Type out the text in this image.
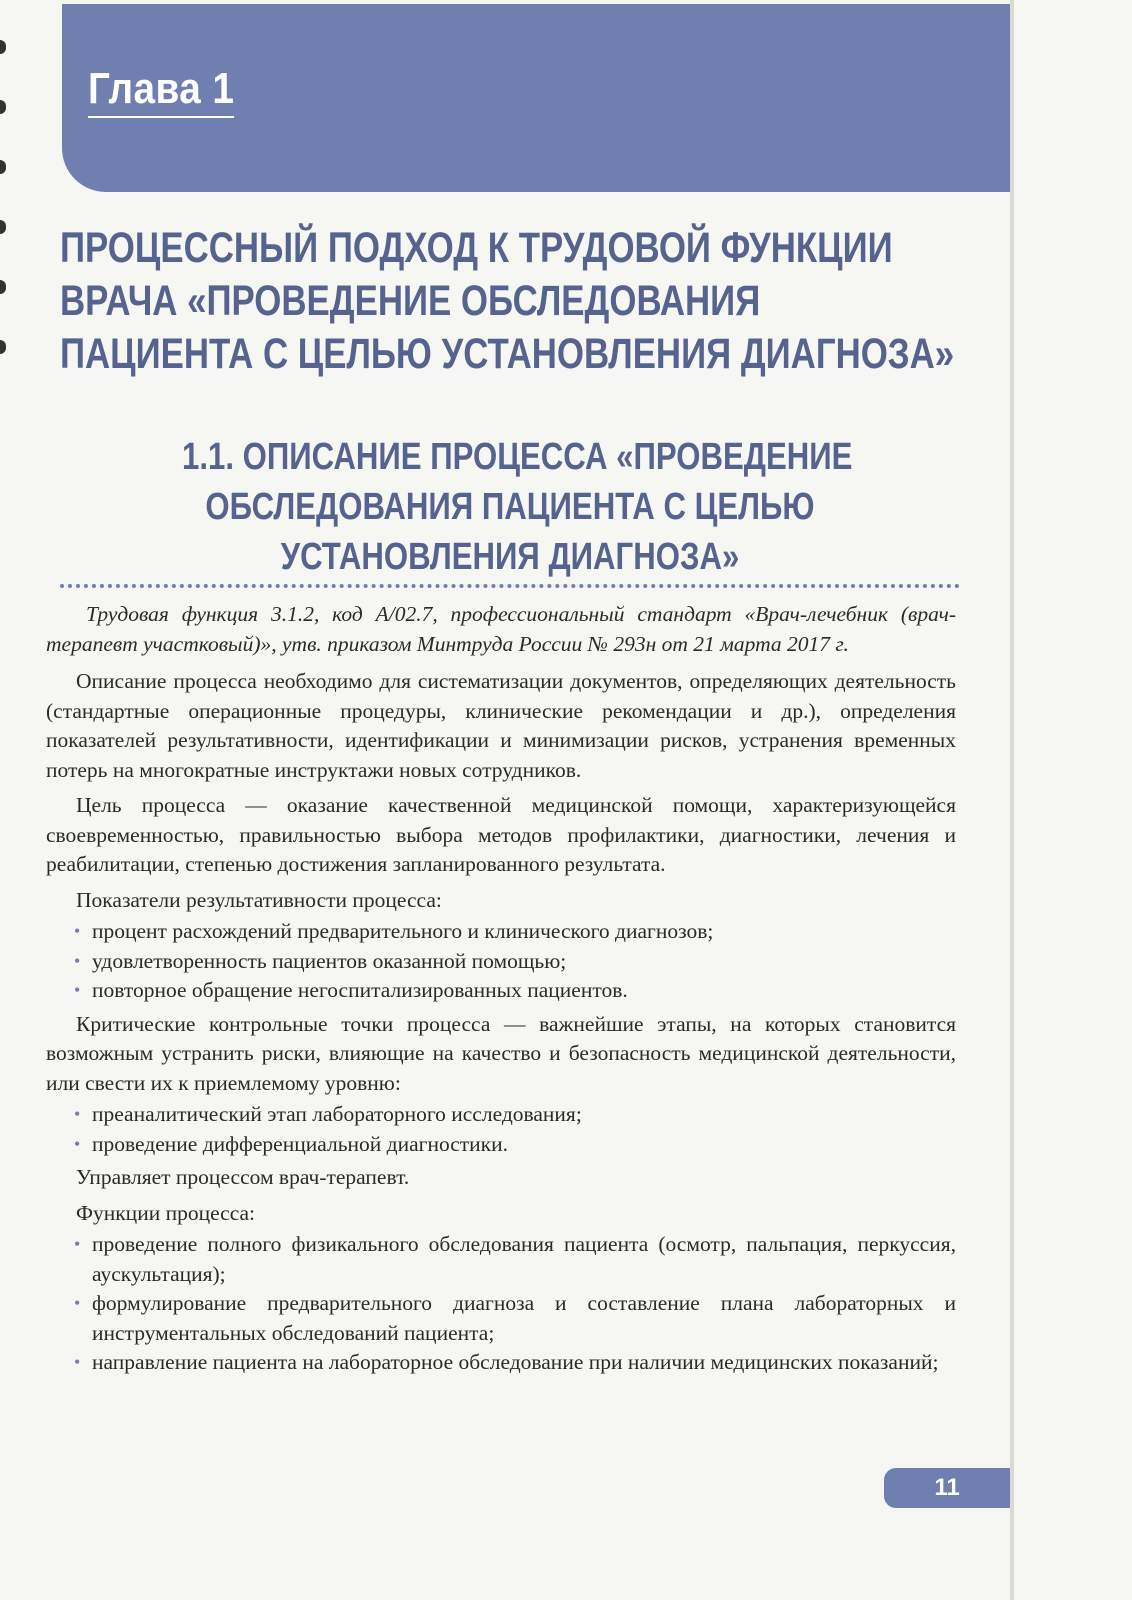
Глава 1
ПРОЦЕССНЫЙ ПОДХОД К ТРУДОВОЙ ФУНКЦИИ
ВРАЧА «ПРОВЕДЕНИЕ ОБСЛЕДОВАНИЯ
ПАЦИЕНТА С ЦЕЛЬЮ УСТАНОВЛЕНИЯ ДИАГНОЗА»
1.1. ОПИСАНИЕ ПРОЦЕССА «ПРОВЕДЕНИЕ
ОБСЛЕДОВАНИЯ ПАЦИЕНТА С ЦЕЛЬЮ
УСТАНОВЛЕНИЯ ДИАГНОЗА»

Трудовая функция 3.1.2, код A/02.7, профессиональный стандарт «Врач-лечебник (врач-терапевт участковый)», утв. приказом Минтруда России № 293н от 21 марта 2017 г.

Описание процесса необходимо для систематизации документов, определяющих деятельность (стандартные операционные процедуры, клинические рекомендации и др.), определения показателей результативности, идентификации и минимизации рисков, устранения временных потерь на многократные инструктажи новых сотрудников.

Цель процесса — оказание качественной медицинской помощи, характеризующейся своевременностью, правильностью выбора методов профилактики, диагностики, лечения и реабилитации, степенью достижения запланированного результата.

Показатели результативности процесса:

• процент расхождений предварительного и клинического диагнозов;
• удовлетворенность пациентов оказанной помощью;
• повторное обращение негоспитализированных пациентов.

Критические контрольные точки процесса — важнейшие этапы, на которых становится возможным устранить риски, влияющие на качество и безопасность медицинской деятельности, или свести их к приемлемому уровню:

• преаналитический этап лабораторного исследования;
• проведение дифференциальной диагностики.

Управляет процессом врач-терапевт.

Функции процесса:

• проведение полного физикального обследования пациента (осмотр, пальпация, перкуссия, аускультация);
• формулирование предварительного диагноза и составление плана лабораторных и инструментальных обследований пациента;
• направление пациента на лабораторное обследование при наличии медицинских показаний;
11
